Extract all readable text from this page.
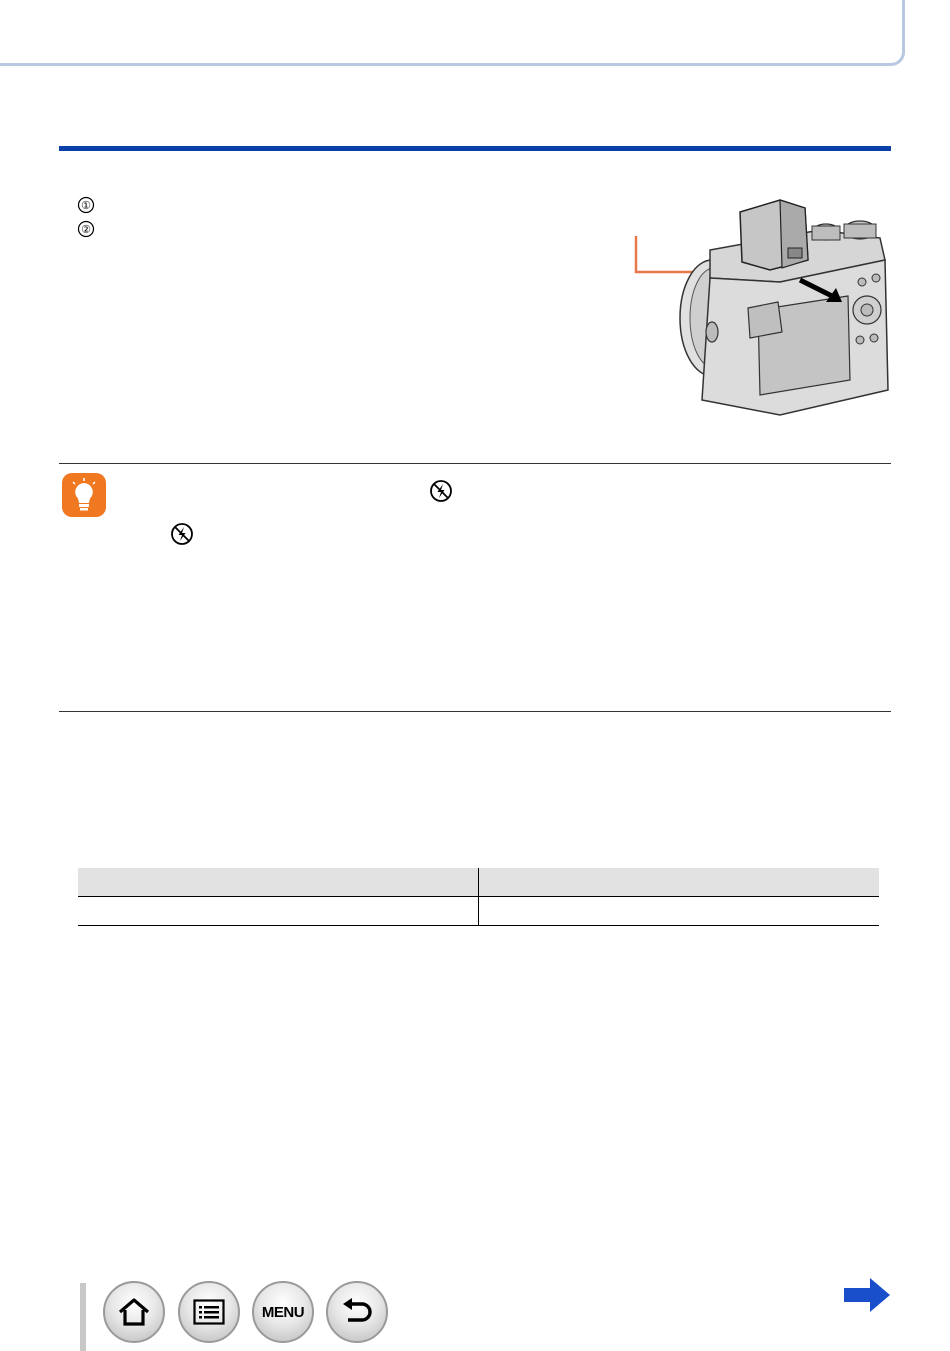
①
②

MENU
